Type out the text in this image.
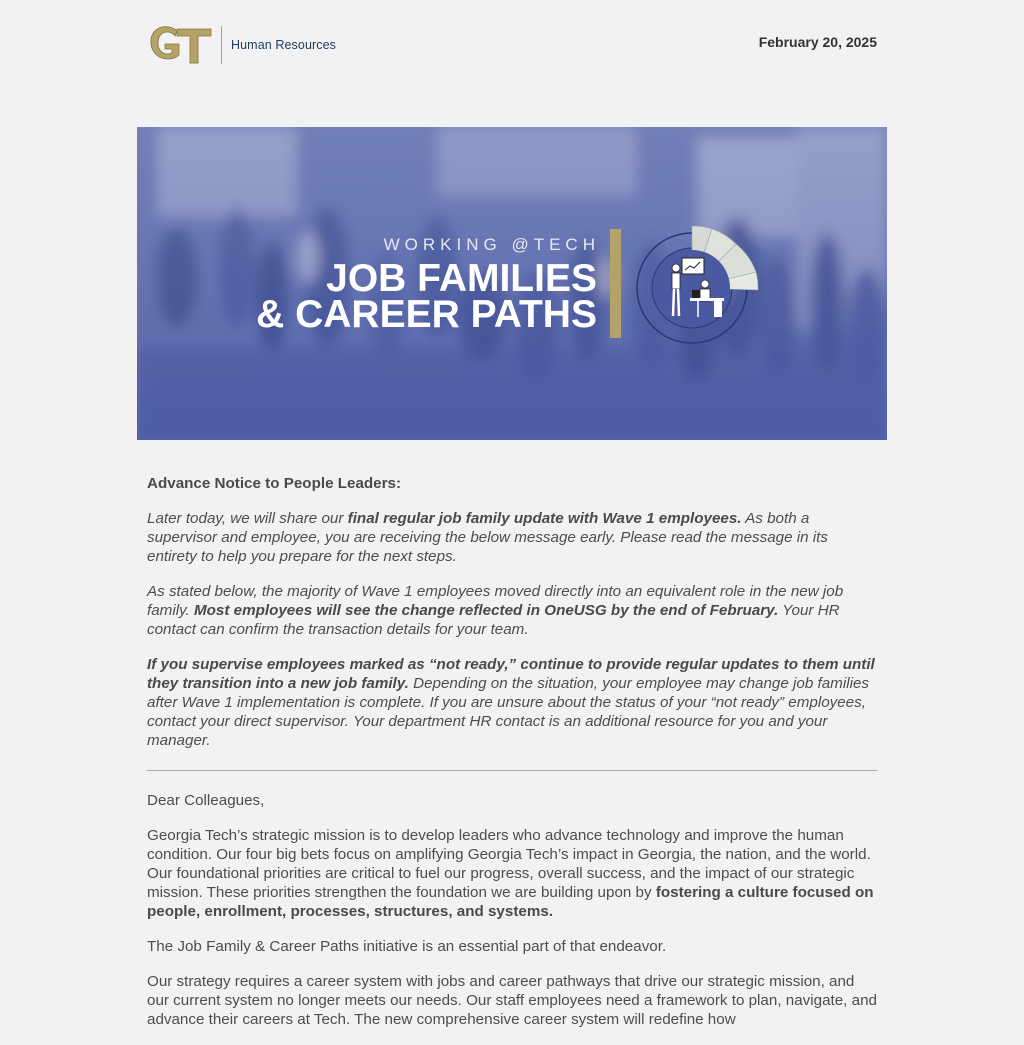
Human Resources	February 20, 2025
WORKING @TECH
JOB FAMILIES
& CAREER PATHS

Advance Notice to People Leaders:

Later today, we will share our final regular job family update with Wave 1 employees. As both a supervisor and employee, you are receiving the below message early. Please read the message in its entirety to help you prepare for the next steps.

As stated below, the majority of Wave 1 employees moved directly into an equivalent role in the new job family. Most employees will see the change reflected in OneUSG by the end of February. Your HR contact can confirm the transaction details for your team.

If you supervise employees marked as “not ready,” continue to provide regular updates to them until they transition into a new job family. Depending on the situation, your employee may change job families after Wave 1 implementation is complete. If you are unsure about the status of your “not ready” employees, contact your direct supervisor. Your department HR contact is an additional resource for you and your manager.

Dear Colleagues,

Georgia Tech’s strategic mission is to develop leaders who advance technology and improve the human condition. Our four big bets focus on amplifying Georgia Tech’s impact in Georgia, the nation, and the world. Our foundational priorities are critical to fuel our progress, overall success, and the impact of our strategic mission. These priorities strengthen the foundation we are building upon by fostering a culture focused on people, enrollment, processes, structures, and systems.

The Job Family & Career Paths initiative is an essential part of that endeavor.

Our strategy requires a career system with jobs and career pathways that drive our strategic mission, and our current system no longer meets our needs. Our staff employees need a framework to plan, navigate, and advance their careers at Tech. The new comprehensive career system will redefine how
